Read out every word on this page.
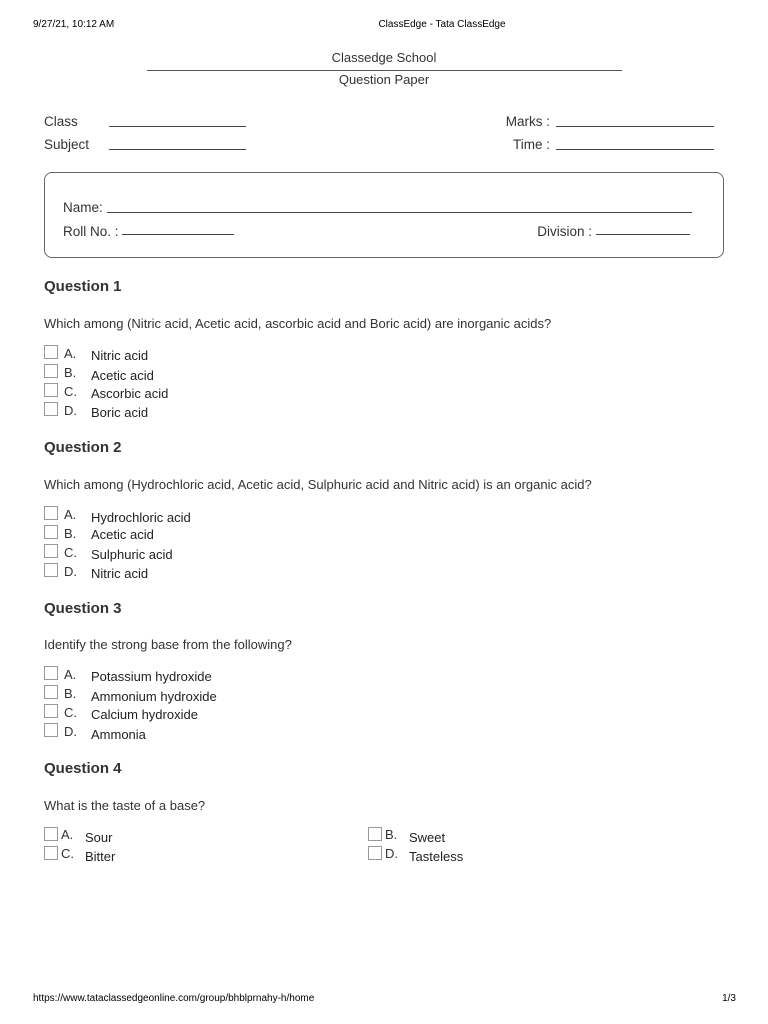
9/27/21, 10:12 AM	ClassEdge - Tata ClassEdge
Classedge School
Question Paper
Class
Subject
Marks :
Time :
Name:
Roll No. :	Division :
Question 1
Which among (Nitric acid, Acetic acid, ascorbic acid and Boric acid) are inorganic acids?
A. Nitric acid
B. Acetic acid
C. Ascorbic acid
D. Boric acid
Question 2
Which among (Hydrochloric acid, Acetic acid, Sulphuric acid and Nitric acid) is an organic acid?
A. Hydrochloric acid
B. Acetic acid
C. Sulphuric acid
D. Nitric acid
Question 3
Identify the strong base from the following?
A. Potassium hydroxide
B. Ammonium hydroxide
C. Calcium hydroxide
D. Ammonia
Question 4
What is the taste of a base?
A. Sour	B. Sweet
C. Bitter	D. Tasteless
https://www.tataclassedgeonline.com/group/bhblprnahy-h/home	1/3
